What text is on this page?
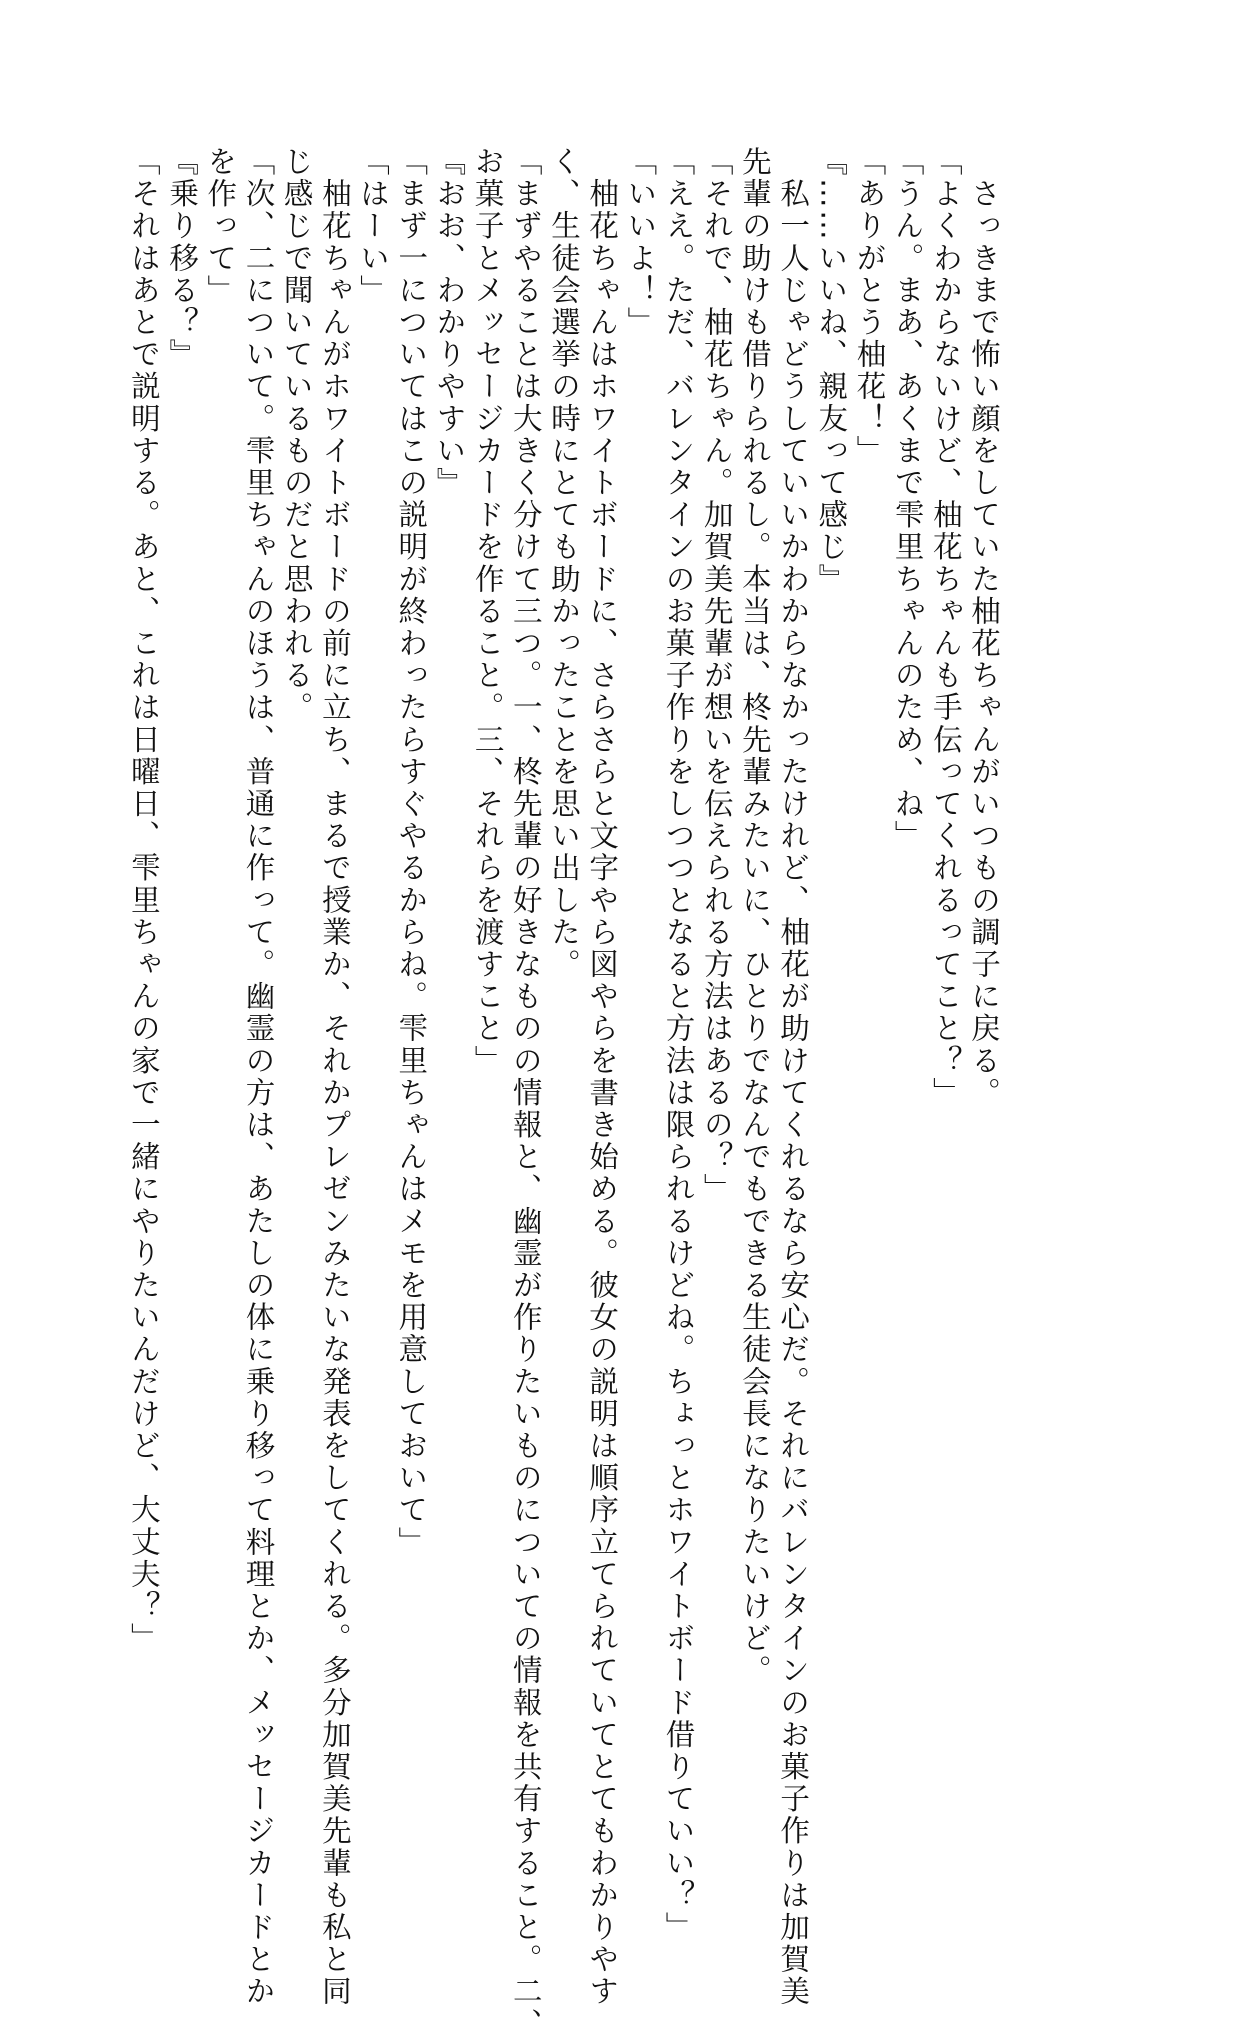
　さっきまで怖い顔をしていた柚花ちゃんがいつもの調子に戻る。
「よくわからないけど、柚花ちゃんも手伝ってくれるってこと？」
「うん。まあ、あくまで雫里ちゃんのため、ね」
「ありがとう柚花！」
『……いいね、親友って感じ』
　私一人じゃどうしていいかわからなかったけれど、柚花が助けてくれるなら安心だ。それにバレンタインのお菓子作りは加賀美
先輩の助けも借りられるし。本当は、柊先輩みたいに、ひとりでなんでもできる生徒会長になりたいけど。
「それで、柚花ちゃん。加賀美先輩が想いを伝えられる方法はあるの？」
「ええ。ただ、バレンタインのお菓子作りをしつつとなると方法は限られるけどね。ちょっとホワイトボード借りていい？」
「いいよ！」
　柚花ちゃんはホワイトボードに、さらさらと文字やら図やらを書き始める。彼女の説明は順序立てられていてとてもわかりやす
く、生徒会選挙の時にとても助かったことを思い出した。
「まずやることは大きく分けて三つ。一、柊先輩の好きなものの情報と、幽霊が作りたいものについての情報を共有すること。二、
お菓子とメッセージカードを作ること。三、それらを渡すこと」
『おお、わかりやすい』
「まず一についてはこの説明が終わったらすぐやるからね。雫里ちゃんはメモを用意しておいて」
「はーい」
　柚花ちゃんがホワイトボードの前に立ち、まるで授業か、それかプレゼンみたいな発表をしてくれる。多分加賀美先輩も私と同
じ感じで聞いているものだと思われる。
「次、二について。雫里ちゃんのほうは、普通に作って。幽霊の方は、あたしの体に乗り移って料理とか、メッセージカードとか
を作って」
『乗り移る？』
「それはあとで説明する。あと、これは日曜日、雫里ちゃんの家で一緒にやりたいんだけど、大丈夫？」
